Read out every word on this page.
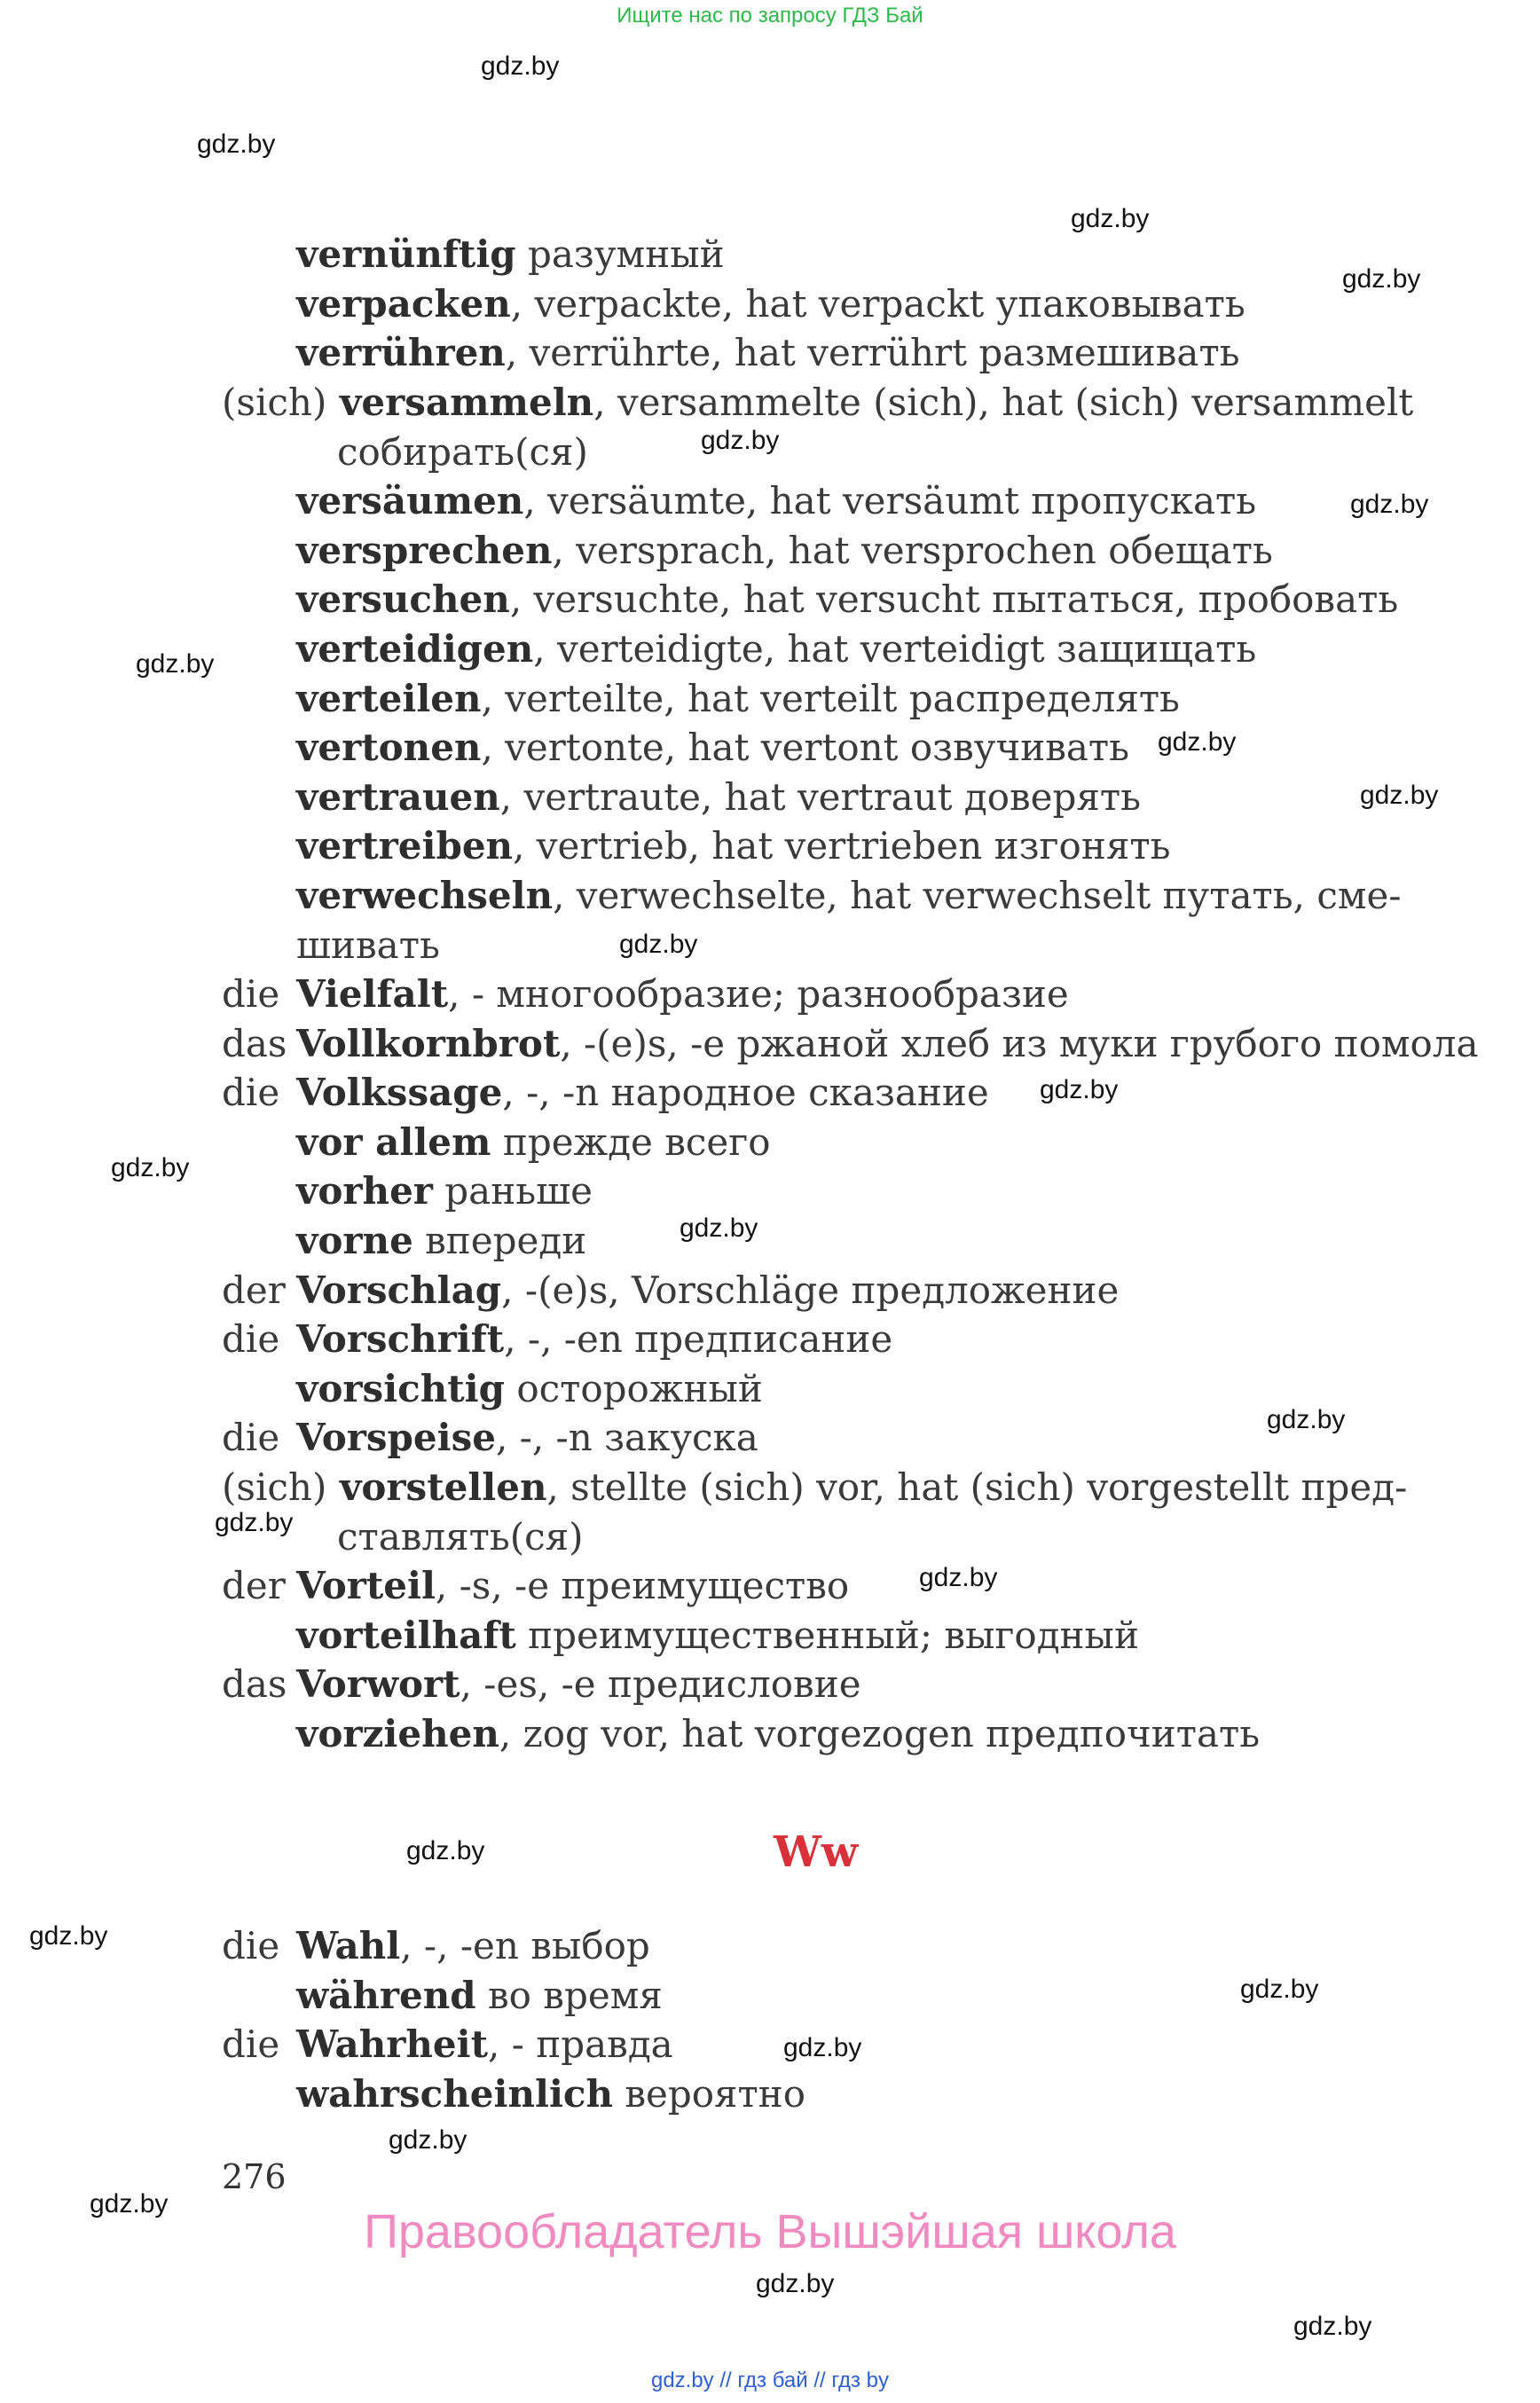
Ищите нас по запросу ГДЗ Бай
gdz.by
gdz.by
gdz.by
gdz.by
gdz.by
gdz.by
gdz.by
gdz.by
gdz.by
gdz.by
gdz.by
gdz.by
gdz.by
gdz.by
gdz.by
gdz.by
gdz.by
gdz.by
gdz.by
gdz.by
gdz.by
gdz.by
gdz.by
gdz.by
vernünftig разумный
verpacken, verpackte, hat verpackt упаковывать
verrühren, verrührte, hat verrührt размешивать
(sich) versammeln, versammelte (sich), hat (sich) versammelt
собирать(ся)
versäumen, versäumte, hat versäumt пропускать
versprechen, versprach, hat versprochen обещать
versuchen, versuchte, hat versucht пытаться, пробовать
verteidigen, verteidigte, hat verteidigt защищать
verteilen, verteilte, hat verteilt распределять
vertonen, vertonte, hat vertont озвучивать
vertrauen, vertraute, hat vertraut доверять
vertreiben, vertrieb, hat vertrieben изгонять
verwechseln, verwechselte, hat verwechselt путать, сме-
шивать
die Vielfalt, - многообразие; разнообразие
das Vollkornbrot, -(e)s, -e ржаной хлеб из муки грубого помола
die Volkssage, -, -n народное сказание
vor allem прежде всего
vorher раньше
vorne впереди
der Vorschlag, -(e)s, Vorschläge предложение
die Vorschrift, -, -en предписание
vorsichtig осторожный
die Vorspeise, -, -n закуска
(sich) vorstellen, stellte (sich) vor, hat (sich) vorgestellt пред-
ставлять(ся)
der Vorteil, -s, -e преимущество
vorteilhaft преимущественный; выгодный
das Vorwort, -es, -e предисловие
vorziehen, zog vor, hat vorgezogen предпочитать
Ww
die Wahl, -, -en выбор
während во время
die Wahrheit, - правда
wahrscheinlich вероятно
276
Правообладатель Вышэйшая школа
gdz.by // гдз бай // гдз by
